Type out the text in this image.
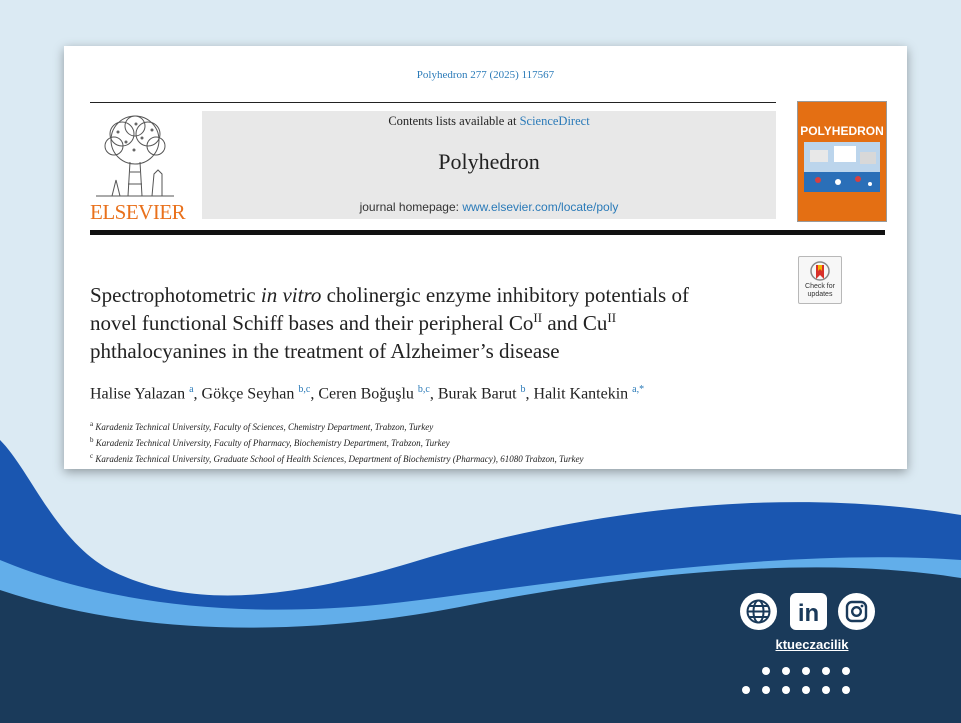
Polyhedron 277 (2025) 117567
ELSEVIER
Contents lists available at ScienceDirect
Polyhedron
journal homepage: www.elsevier.com/locate/poly
POLYHEDRON
Check for
updates
Spectrophotometric in vitro cholinergic enzyme inhibitory potentials of
novel functional Schiff bases and their peripheral $Co^{II}$ and $Cu^{II}$
phthalocyanines in the treatment of Alzheimer’s disease
Halise Yalazan $^a$, Gökçe Seyhan $^{b,c}$, Ceren Boğuşlu $^{b,c}$, Burak Barut $^b$, Halit Kantekin $^{a,*}$
$^a$ Karadeniz Technical University, Faculty of Sciences, Chemistry Department, Trabzon, Turkey
$^b$ Karadeniz Technical University, Faculty of Pharmacy, Biochemistry Department, Trabzon, Turkey
$^c$ Karadeniz Technical University, Graduate School of Health Sciences, Department of Biochemistry (Pharmacy), 61080 Trabzon, Turkey
in
ktueczacilik
